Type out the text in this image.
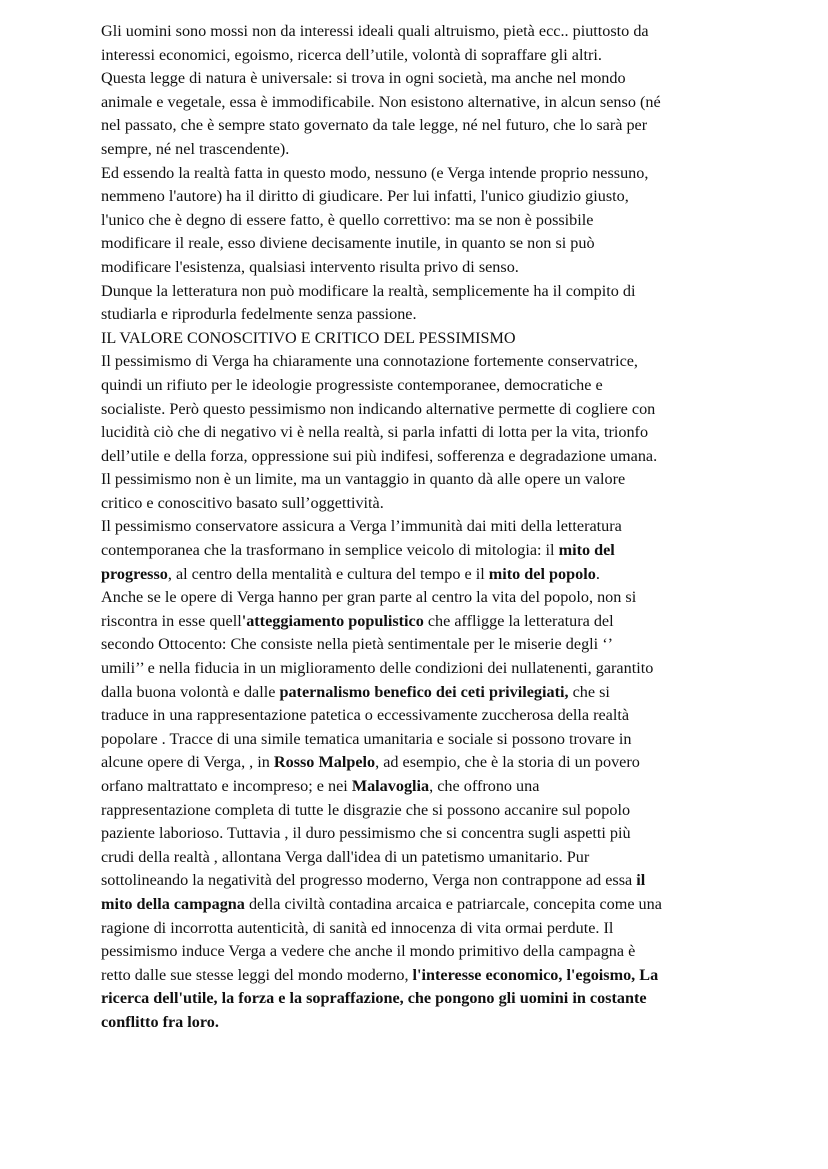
Gli uomini sono mossi non da interessi ideali quali altruismo, pietà ecc.. piuttosto da

interessi economici, egoismo, ricerca dell’utile, volontà di sopraffare gli altri.

Questa legge di natura è universale: si trova in ogni società, ma anche nel mondo

animale e vegetale, essa è immodificabile. Non esistono alternative, in alcun senso (né

nel passato, che è sempre stato governato da tale legge, né nel futuro, che lo sarà per

sempre, né nel trascendente).

Ed essendo la realtà fatta in questo modo, nessuno (e Verga intende proprio nessuno,

nemmeno l'autore) ha il diritto di giudicare. Per lui infatti, l'unico giudizio giusto,

l'unico che è degno di essere fatto, è quello correttivo: ma se non è possibile

modificare il reale, esso diviene decisamente inutile, in quanto se non si può

modificare l'esistenza, qualsiasi intervento risulta privo di senso.

Dunque la letteratura non può modificare la realtà, semplicemente ha il compito di

studiarla e riprodurla fedelmente senza passione.

IL VALORE CONOSCITIVO E CRITICO DEL PESSIMISMO

Il pessimismo di Verga ha chiaramente una connotazione fortemente conservatrice,

quindi un rifiuto per le ideologie progressiste contemporanee, democratiche e

socialiste. Però questo pessimismo non indicando alternative permette di cogliere con

lucidità ciò che di negativo vi è nella realtà, si parla infatti di lotta per la vita, trionfo

dell’utile e della forza, oppressione sui più indifesi, sofferenza e degradazione umana.

Il pessimismo non è un limite, ma un vantaggio in quanto dà alle opere un valore

critico e conoscitivo basato sull’oggettività.

Il pessimismo conservatore assicura a Verga l’immunità dai miti della letteratura

contemporanea che la trasformano in semplice veicolo di mitologia: il mito del

progresso, al centro della mentalità e cultura del tempo e il mito del popolo.

Anche se le opere di Verga hanno per gran parte al centro la vita del popolo, non si

riscontra in esse quell'atteggiamento populistico che affligge la letteratura del

secondo Ottocento: Che consiste nella pietà sentimentale per le miserie degli ‘’

umili’’ e nella fiducia in un miglioramento delle condizioni dei nullatenenti, garantito

dalla buona volontà e dalle paternalismo benefico dei ceti privilegiati, che si

traduce in una rappresentazione patetica o eccessivamente zuccherosa della realtà

popolare . Tracce di una simile tematica umanitaria e sociale si possono trovare in

alcune opere di Verga, , in Rosso Malpelo, ad esempio, che è la storia di un povero

orfano maltrattato e incompreso; e nei Malavoglia, che offrono una

rappresentazione completa di tutte le disgrazie che si possono accanire sul popolo

paziente laborioso. Tuttavia , il duro pessimismo che si concentra sugli aspetti più

crudi della realtà , allontana Verga dall'idea di un patetismo umanitario. Pur

sottolineando la negatività del progresso moderno, Verga non contrappone ad essa il

mito della campagna della civiltà contadina arcaica e patriarcale, concepita come una

ragione di incorrotta autenticità, di sanità ed innocenza di vita ormai perdute. Il

pessimismo induce Verga a vedere che anche il mondo primitivo della campagna è

retto dalle sue stesse leggi del mondo moderno, l'interesse economico, l'egoismo, La

ricerca dell'utile, la forza e la sopraffazione, che pongono gli uomini in costante

conflitto fra loro.
